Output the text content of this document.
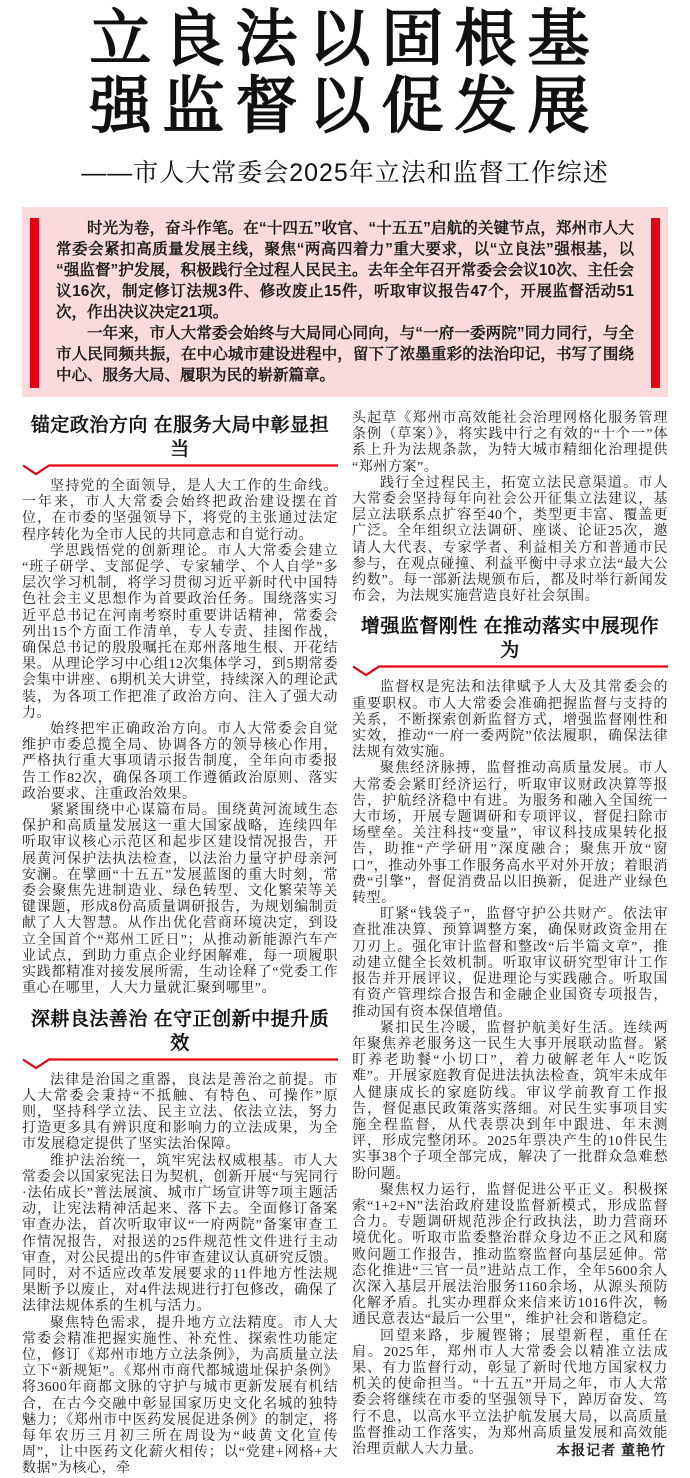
立良法以固根基
强监督以促发展
——市人大常委会2025年立法和监督工作综述

时光为卷，奋斗作笔。在“十四五”收官、“十五五”启航的关键节点，郑州市人大常委会紧扣高质量发展主线，聚焦“两高四着力”重大要求，以“立良法”强根基，以“强监督”护发展，积极践行全过程人民民主。去年全年召开常委会会议10次、主任会议16次，制定修订法规3件、修改废止15件，听取审议报告47个，开展监督活动51次，作出决议决定21项。

一年来，市人大常委会始终与大局同心同向，与“一府一委两院”同力同行，与全市人民同频共振，在中心城市建设进程中，留下了浓墨重彩的法治印记，书写了围绕中心、服务大局、履职为民的崭新篇章。

锚定政治方向 在服务大局中彰显担当

坚持党的全面领导，是人大工作的生命线。一年来，市人大常委会始终把政治建设摆在首位，在市委的坚强领导下，将党的主张通过法定程序转化为全市人民的共同意志和自觉行动。

学思践悟党的创新理论。市人大常委会建立“班子研学、支部促学、专家辅学、个人自学”多层次学习机制，将学习贯彻习近平新时代中国特色社会主义思想作为首要政治任务。围绕落实习近平总书记在河南考察时重要讲话精神，常委会列出15个方面工作清单，专人专责、挂图作战，确保总书记的殷殷嘱托在郑州落地生根、开花结果。从理论学习中心组12次集体学习，到5期常委会集中讲座、6期机关大讲堂，持续深入的理论武装，为各项工作把准了政治方向、注入了强大动力。

始终把牢正确政治方向。市人大常委会自觉维护市委总揽全局、协调各方的领导核心作用，严格执行重大事项请示报告制度，全年向市委报告工作82次，确保各项工作遵循政治原则、落实政治要求、注重政治效果。

紧紧围绕中心谋篇布局。围绕黄河流域生态保护和高质量发展这一重大国家战略，连续四年听取审议核心示范区和起步区建设情况报告，开展黄河保护法执法检查，以法治力量守护母亲河安澜。在擘画“十五五”发展蓝图的重大时刻，常委会聚焦先进制造业、绿色转型、文化繁荣等关键课题，形成8份高质量调研报告，为规划编制贡献了人大智慧。从作出优化营商环境决定，到设立全国首个“郑州工匠日”；从推动新能源汽车产业试点，到助力重点企业纾困解难，每一项履职实践都精准对接发展所需，生动诠释了“党委工作重心在哪里，人大力量就汇聚到哪里”。

深耕良法善治 在守正创新中提升质效

法律是治国之重器，良法是善治之前提。市人大常委会秉持“不抵触、有特色、可操作”原则，坚持科学立法、民主立法、依法立法，努力打造更多具有辨识度和影响力的立法成果，为全市发展稳定提供了坚实法治保障。

维护法治统一，筑牢宪法权威根基。市人大常委会以国家宪法日为契机，创新开展“与宪同行·法佑成长”普法展演、城市广场宣讲等7项主题活动，让宪法精神活起来、落下去。全面修订备案审查办法，首次听取审议“一府两院”备案审查工作情况报告，对报送的25件规范性文件进行主动审查，对公民提出的5件审查建议认真研究反馈。同时，对不适应改革发展要求的11件地方性法规果断予以废止，对4件法规进行打包修改，确保了法律法规体系的生机与活力。

聚焦特色需求，提升地方立法精度。市人大常委会精准把握实施性、补充性、探索性功能定位，修订《郑州市地方立法条例》，为高质量立法立下“新规矩”。《郑州市商代都城遗址保护条例》将3600年商都文脉的守护与城市更新发展有机结合，在古今交融中彰显国家历史文化名城的独特魅力；《郑州市中医药发展促进条例》的制定，将每年农历三月初三所在周设为“岐黄文化宣传周”，让中医药文化薪火相传；以“党建+网格+大数据”为核心，牵

头起草《郑州市高效能社会治理网格化服务管理条例（草案）》，将实践中行之有效的“十个一”体系上升为法规条款，为特大城市精细化治理提供“郑州方案”。

践行全过程民主，拓宽立法民意渠道。市人大常委会坚持每年向社会公开征集立法建议，基层立法联系点扩容至40个，类型更丰富、覆盖更广泛。全年组织立法调研、座谈、论证25次，邀请人大代表、专家学者、利益相关方和普通市民参与，在观点碰撞、利益平衡中寻求立法“最大公约数”。每一部新法规颁布后，都及时举行新闻发布会，为法规实施营造良好社会氛围。

增强监督刚性 在推动落实中展现作为

监督权是宪法和法律赋予人大及其常委会的重要职权。市人大常委会准确把握监督与支持的关系，不断探索创新监督方式，增强监督刚性和实效，推动“一府一委两院”依法履职，确保法律法规有效实施。

聚焦经济脉搏，监督推动高质量发展。市人大常委会紧盯经济运行，听取审议财政决算等报告，护航经济稳中有进。为服务和融入全国统一大市场，开展专题调研和专项评议，督促扫除市场壁垒。关注科技“变量”，审议科技成果转化报告，助推“产学研用”深度融合；聚焦开放“窗口”，推动外事工作服务高水平对外开放；着眼消费“引擎”，督促消费品以旧换新，促进产业绿色转型。

盯紧“钱袋子”，监督守护公共财产。依法审查批准决算、预算调整方案，确保财政资金用在刀刃上。强化审计监督和整改“后半篇文章”，推动建立健全长效机制。听取审议研究型审计工作报告并开展评议，促进理论与实践融合。听取国有资产管理综合报告和金融企业国资专项报告，推动国有资本保值增值。

紧扣民生冷暖，监督护航美好生活。连续两年聚焦养老服务这一民生大事开展联动监督。紧盯养老助餐“小切口”，着力破解老年人“吃饭难”。开展家庭教育促进法执法检查，筑牢未成年人健康成长的家庭防线。审议学前教育工作报告，督促惠民政策落实落细。对民生实事项目实施全程监督，从代表票决到年中跟进、年末测评，形成完整闭环。2025年票决产生的10件民生实事38个子项全部完成，解决了一批群众急难愁盼问题。

聚焦权力运行，监督促进公平正义。积极探索“1+2+N”法治政府建设监督新模式，形成监督合力。专题调研规范涉企行政执法，助力营商环境优化。听取市监委整治群众身边不正之风和腐败问题工作报告，推动监察监督向基层延伸。常态化推进“三官一员”进站点工作，全年5600余人次深入基层开展法治服务1160余场，从源头预防化解矛盾。扎实办理群众来信来访1016件次，畅通民意表达“最后一公里”，维护社会和谐稳定。

回望来路，步履铿锵；展望新程，重任在肩。2025年，郑州市人大常委会以精准立法成果、有力监督行动，彰显了新时代地方国家权力机关的使命担当。“十五五”开局之年，市人大常委会将继续在市委的坚强领导下，踔厉奋发、笃行不息，以高水平立法护航发展大局，以高质量监督推动工作落实，为郑州高质量发展和高效能治理贡献人大力量。	本报记者 董艳竹
